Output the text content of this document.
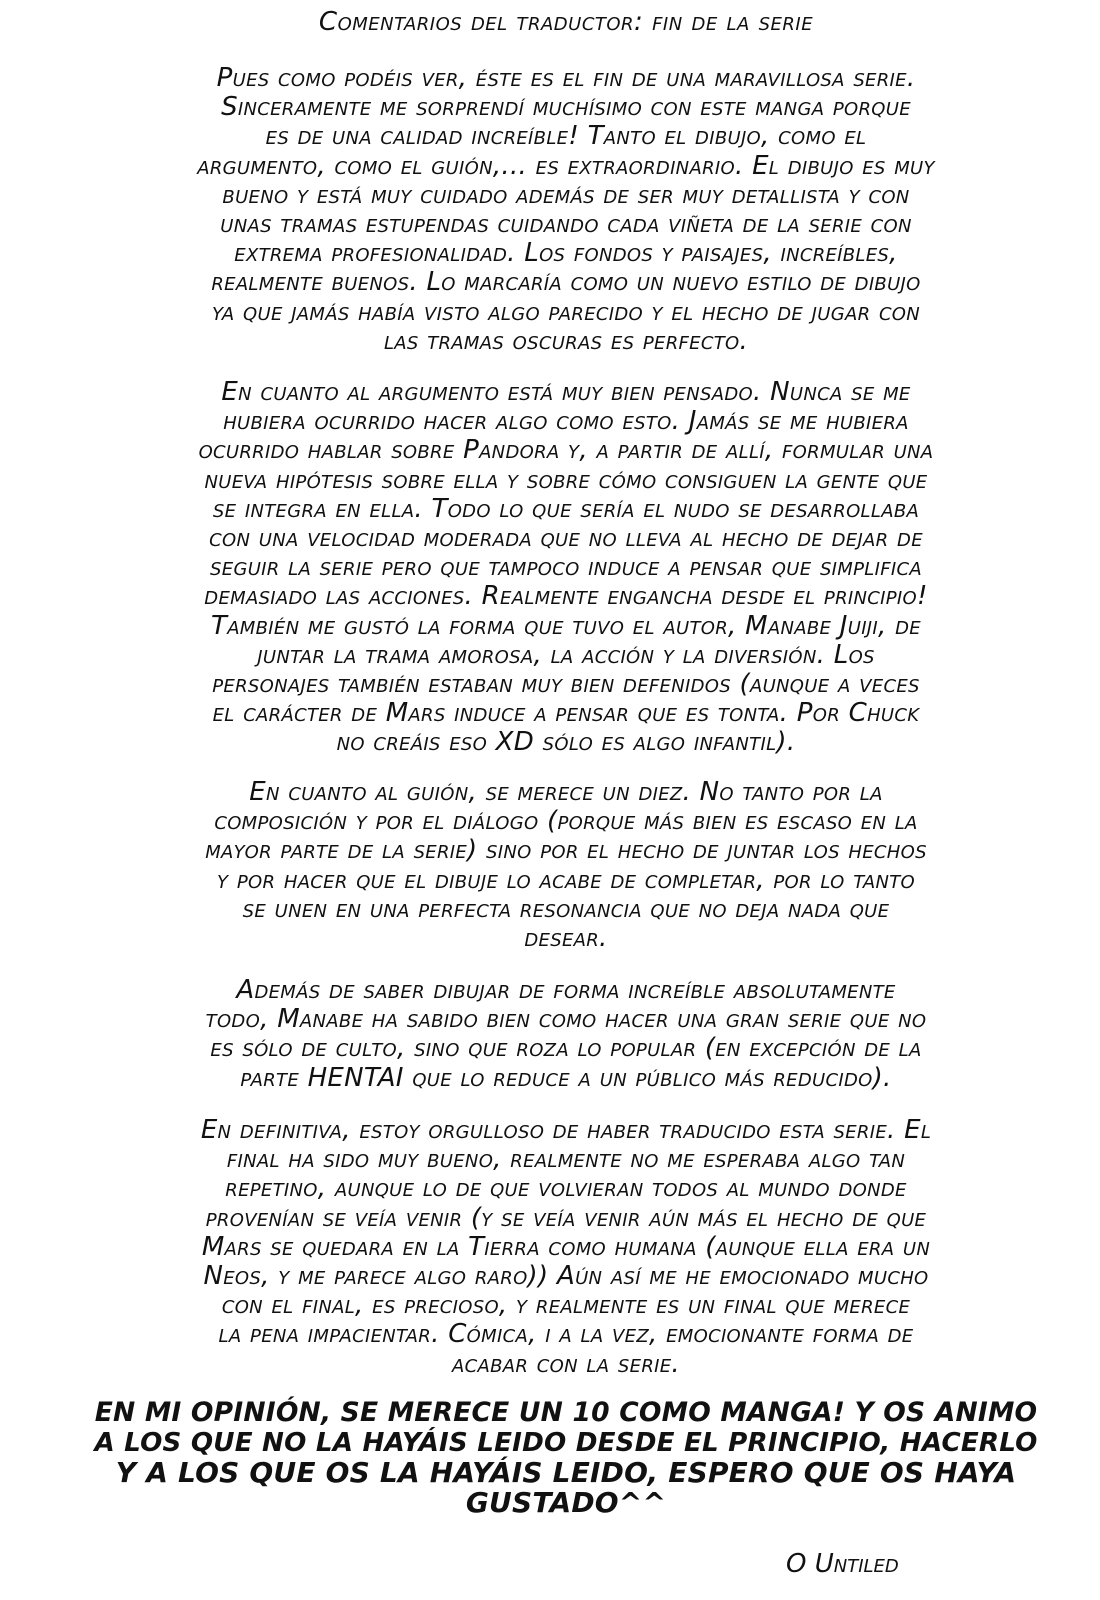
Comentarios del traductor: fin de la serie
Pues como podéis ver, éste es el fin de una maravillosa serie.
Sinceramente me sorprendí muchísimo con este manga porque
es de una calidad increíble! Tanto el dibujo, como el
argumento, como el guión,... es extraordinario. El dibujo es muy
bueno y está muy cuidado además de ser muy detallista y con
unas tramas estupendas cuidando cada viñeta de la serie con
extrema profesionalidad. Los fondos y paisajes, increíbles,
realmente buenos. Lo marcaría como un nuevo estilo de dibujo
ya que jamás había visto algo parecido y el hecho de jugar con
las tramas oscuras es perfecto.
En cuanto al argumento está muy bien pensado. Nunca se me
hubiera ocurrido hacer algo como esto. Jamás se me hubiera
ocurrido hablar sobre Pandora y, a partir de allí, formular una
nueva hipótesis sobre ella y sobre cómo consiguen la gente que
se integra en ella. Todo lo que sería el nudo se desarrollaba
con una velocidad moderada que no lleva al hecho de dejar de
seguir la serie pero que tampoco induce a pensar que simplifica
demasiado las acciones. Realmente engancha desde el principio!
También me gustó la forma que tuvo el autor, Manabe Juiji, de
juntar la trama amorosa, la acción y la diversión. Los
personajes también estaban muy bien defenidos (aunque a veces
el carácter de Mars induce a pensar que es tonta. Por Chuck
no creáis eso XD sólo es algo infantil).
En cuanto al guión, se merece un diez. No tanto por la
composición y por el diálogo (porque más bien es escaso en la
mayor parte de la serie) sino por el hecho de juntar los hechos
y por hacer que el dibuje lo acabe de completar, por lo tanto
se unen en una perfecta resonancia que no deja nada que
desear.
Además de saber dibujar de forma increíble absolutamente
todo, Manabe ha sabido bien como hacer una gran serie que no
es sólo de culto, sino que roza lo popular (en excepción de la
parte HENTAI que lo reduce a un público más reducido).
En definitiva, estoy orgulloso de haber traducido esta serie. El
final ha sido muy bueno, realmente no me esperaba algo tan
repetino, aunque lo de que volvieran todos al mundo donde
provenían se veía venir (y se veía venir aún más el hecho de que
Mars se quedara en la Tierra como humana (aunque ella era un
Neos, y me parece algo raro)) Aún así me he emocionado mucho
con el final, es precioso, y realmente es un final que merece
la pena impacientar. Cómica, i a la vez, emocionante forma de
acabar con la serie.
EN MI OPINIÓN, SE MERECE UN 10 COMO MANGA! Y OS ANIMO
A LOS QUE NO LA HAYÁIS LEIDO DESDE EL PRINCIPIO, HACERLO
Y A LOS QUE OS LA HAYÁIS LEIDO, ESPERO QUE OS HAYA
GUSTADO^^
O Untiled
